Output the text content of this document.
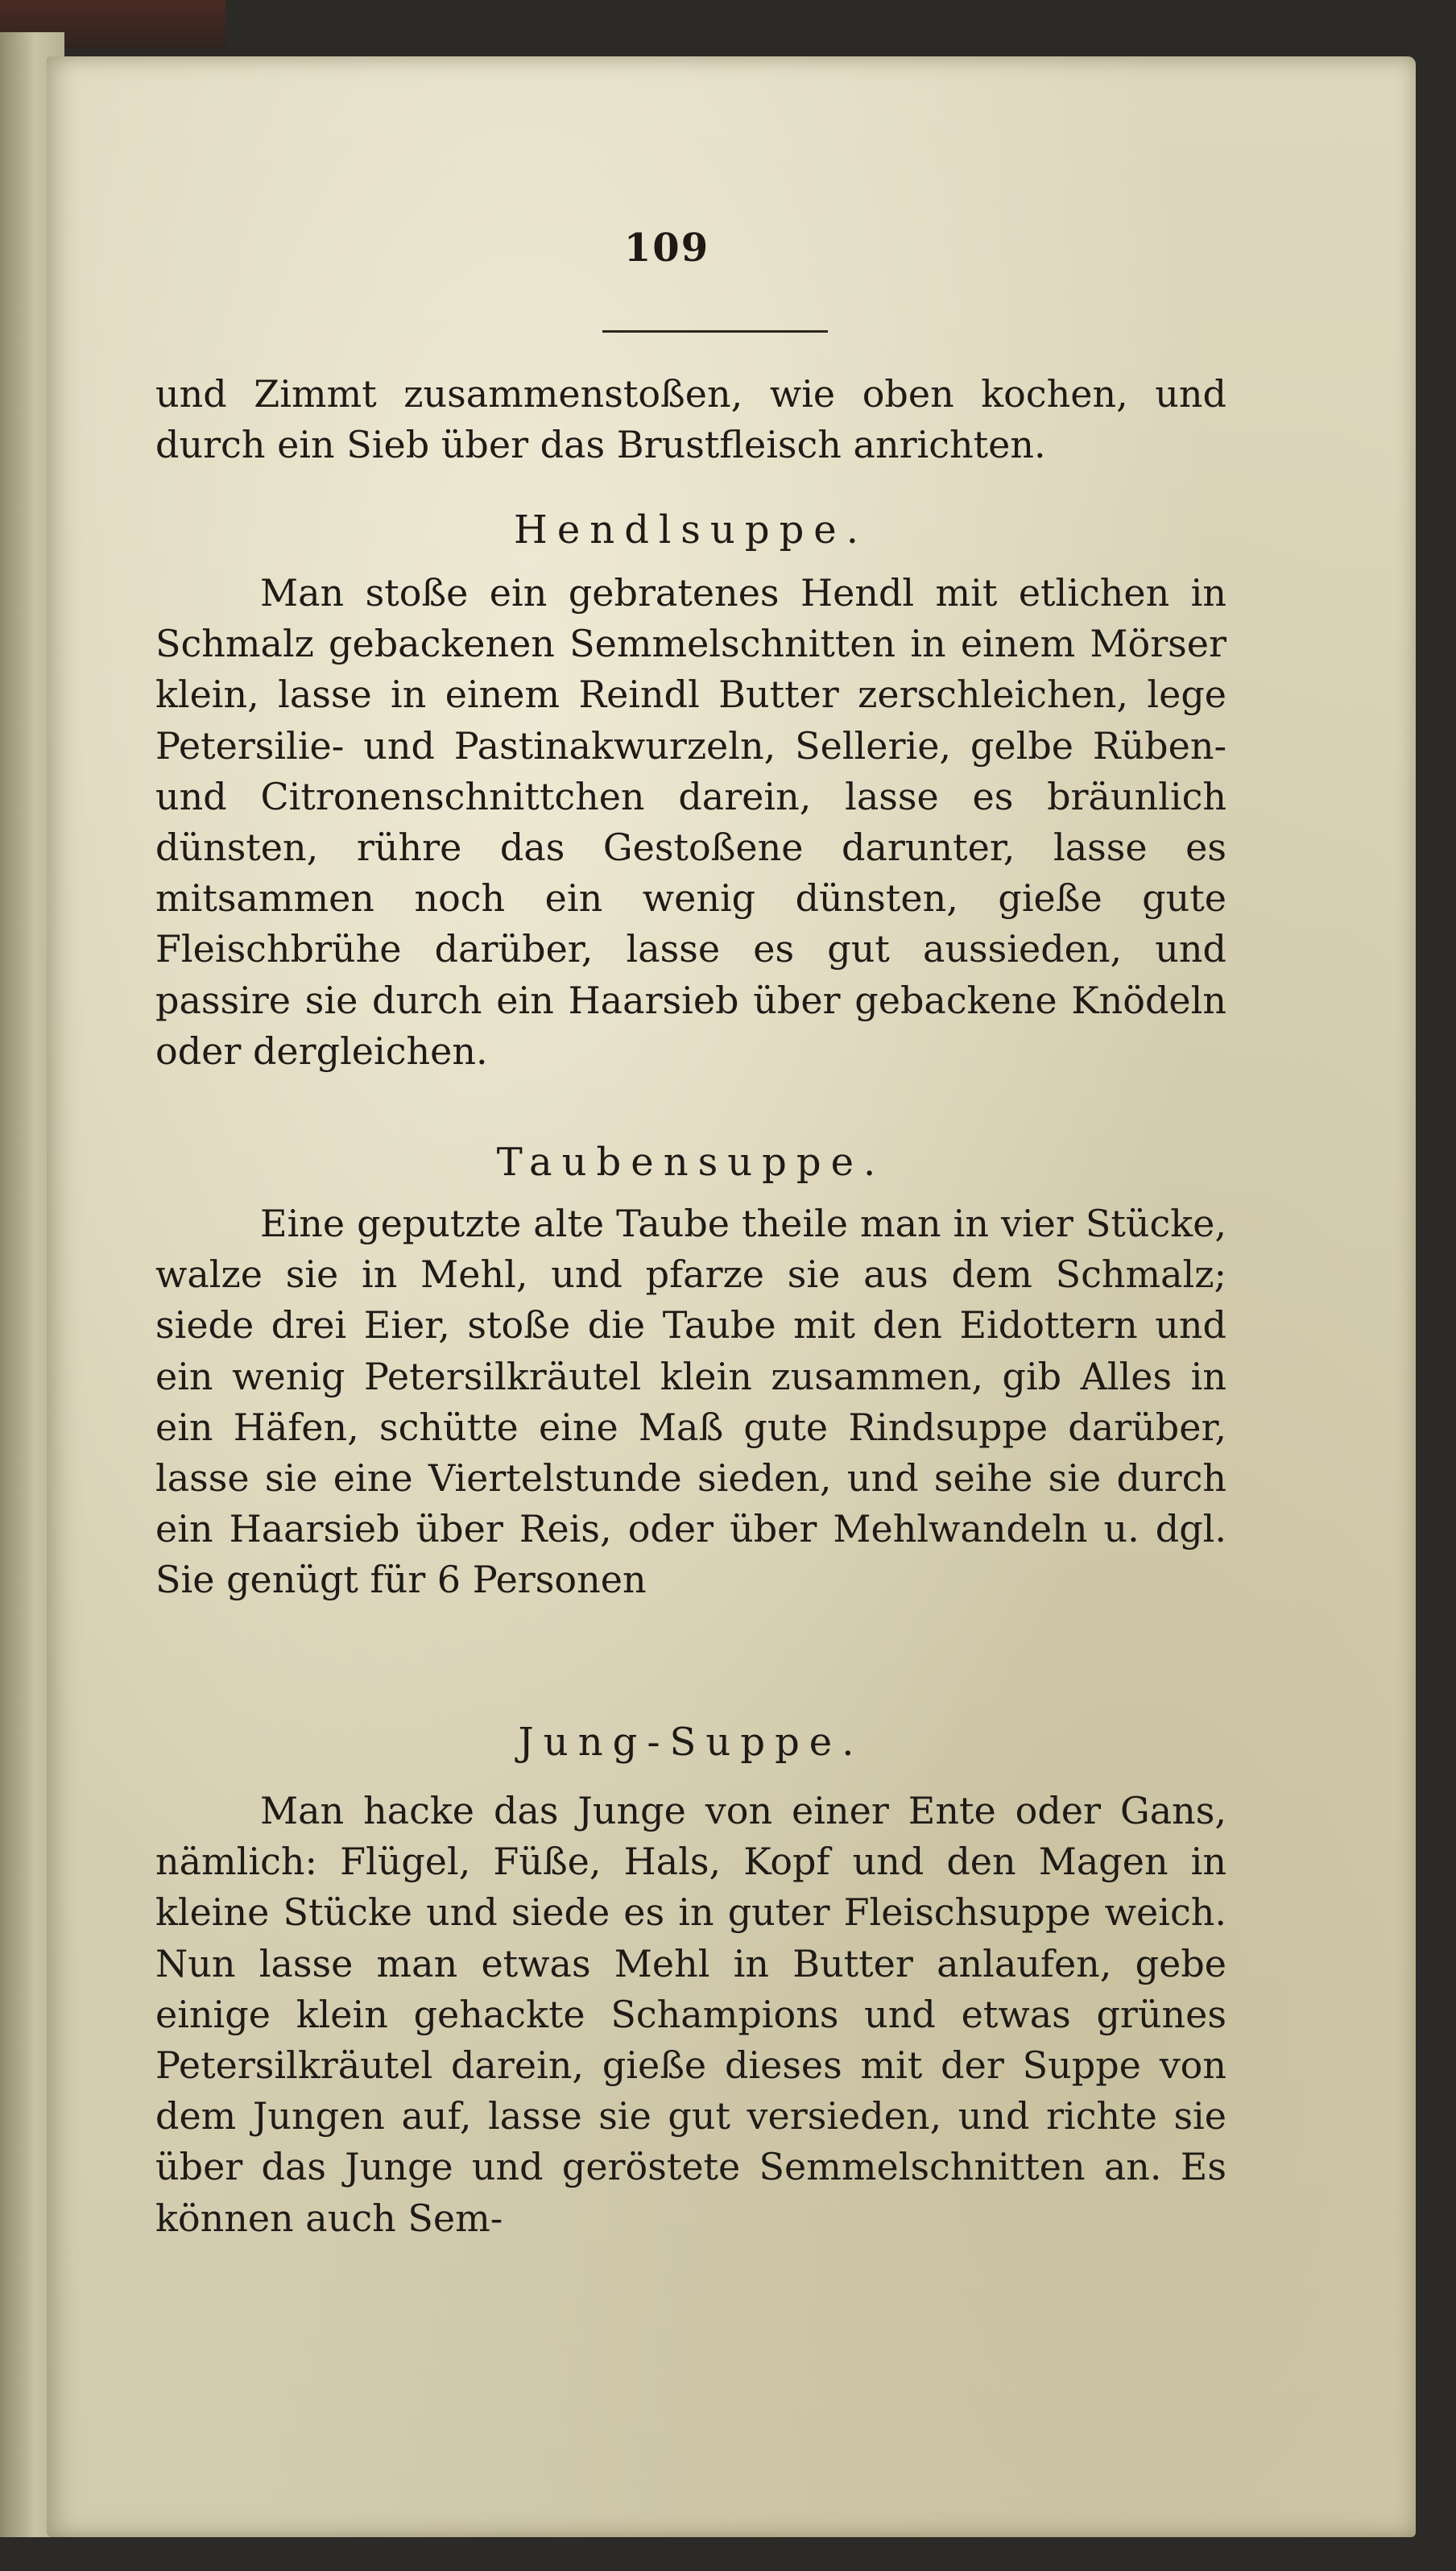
109
und Zimmt zusammenstoßen, wie oben kochen, und durch ein Sieb über das Brustfleisch anrichten.
Hendlsuppe.
Man stoße ein gebratenes Hendl mit etlichen in Schmalz gebackenen Semmelschnitten in einem Mörser klein, lasse in einem Reindl Butter zerschleichen, lege Petersilie- und Pastinakwurzeln, Sellerie, gelbe Rüben- und Citronenschnittchen darein, lasse es bräunlich dünsten, rühre das Gestoßene darunter, lasse es mitsammen noch ein wenig dünsten, gieße gute Fleischbrühe darüber, lasse es gut aussieden, und passire sie durch ein Haarsieb über gebackene Knödeln oder dergleichen.
Taubensuppe.
Eine geputzte alte Taube theile man in vier Stücke, walze sie in Mehl, und pfarze sie aus dem Schmalz; siede drei Eier, stoße die Taube mit den Eidottern und ein wenig Petersilkräutel klein zusammen, gib Alles in ein Häfen, schütte eine Maß gute Rindsuppe darüber, lasse sie eine Viertelstunde sieden, und seihe sie durch ein Haarsieb über Reis, oder über Mehlwandeln u. dgl. Sie genügt für 6 Personen
Jung-Suppe.
Man hacke das Junge von einer Ente oder Gans, nämlich: Flügel, Füße, Hals, Kopf und den Magen in kleine Stücke und siede es in guter Fleischsuppe weich. Nun lasse man etwas Mehl in Butter anlaufen, gebe einige klein gehackte Schampions und etwas grünes Petersilkräutel darein, gieße dieses mit der Suppe von dem Jungen auf, lasse sie gut versieden, und richte sie über das Junge und geröstete Semmelschnitten an. Es können auch Sem-
